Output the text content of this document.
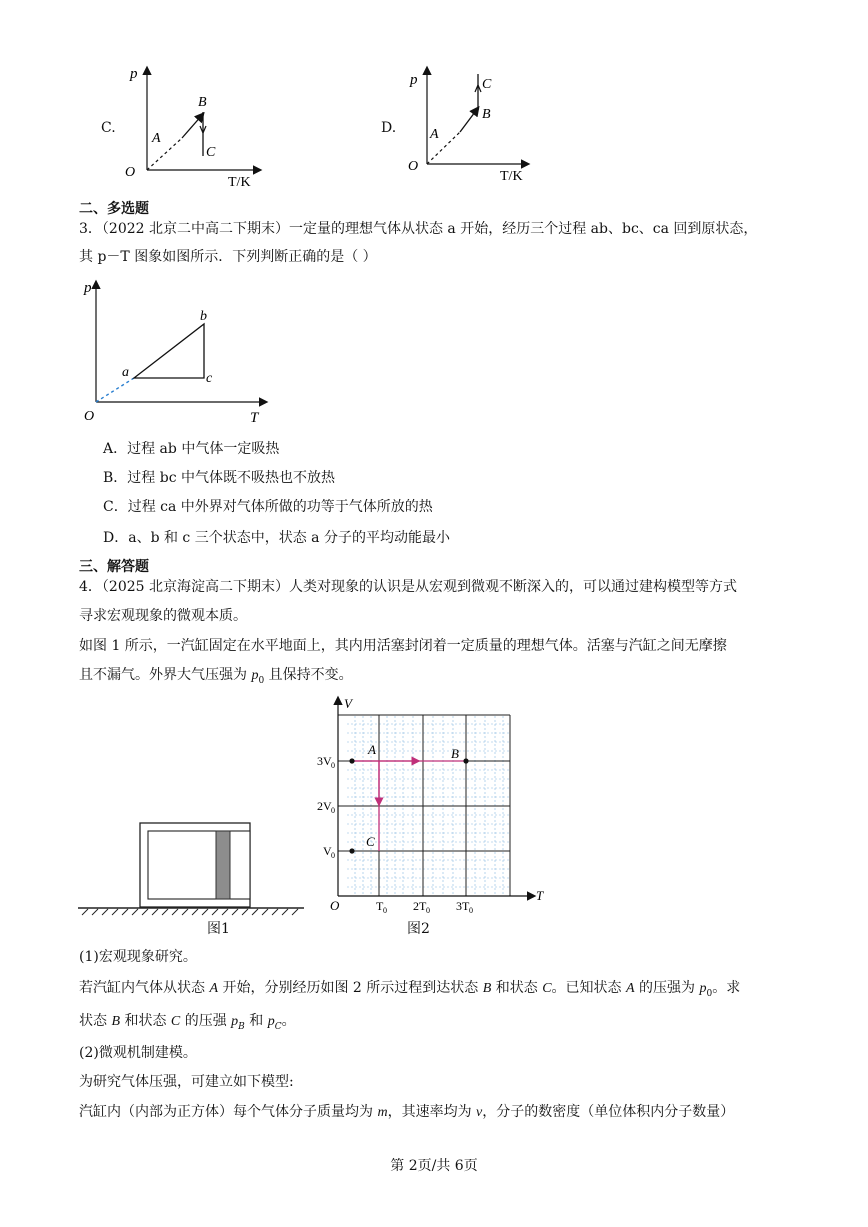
C.
p
A
B
C
O
T/K
D.
p
A
B
C
O
T/K
二、多选题
3．（2022 北京二中高二下期末）一定量的理想气体从状态 a 开始，经历三个过程 ab、bc、ca 回到原状态，
其 p－T 图象如图所示．下列判断正确的是（ ）
p
b
a	c
O	T
A．过程 ab 中气体一定吸热
B．过程 bc 中气体既不吸热也不放热
C．过程 ca 中外界对气体所做的功等于气体所放的热
D．a、b 和 c 三个状态中，状态 a 分子的平均动能最小
三、解答题
4．（2025 北京海淀高二下期末）人类对现象的认识是从宏观到微观不断深入的，可以通过建构模型等方式
寻求宏观现象的微观本质。
如图 1 所示，一汽缸固定在水平地面上，其内用活塞封闭着一定质量的理想气体。活塞与汽缸之间无摩擦
且不漏气。外界大气压强为 $p_0$ 且保持不变。
图1
V
T
O
A	B
C
3V 0
2V 0
V 0
T 0 2T 0 3T 0
图2
(1)宏观现象研究。
若汽缸内气体从状态 A 开始，分别经历如图 2 所示过程到达状态 B 和状态 C。已知状态 A 的压强为 $p_0$。求
状态 B 和状态 C 的压强 $p_B$ 和 $p_C$。
(2)微观机制建模。
为研究气体压强，可建立如下模型:
汽缸内（内部为正方体）每个气体分子质量均为 m，其速率均为 v，分子的数密度（单位体积内分子数量）
第 2页/共 6页
